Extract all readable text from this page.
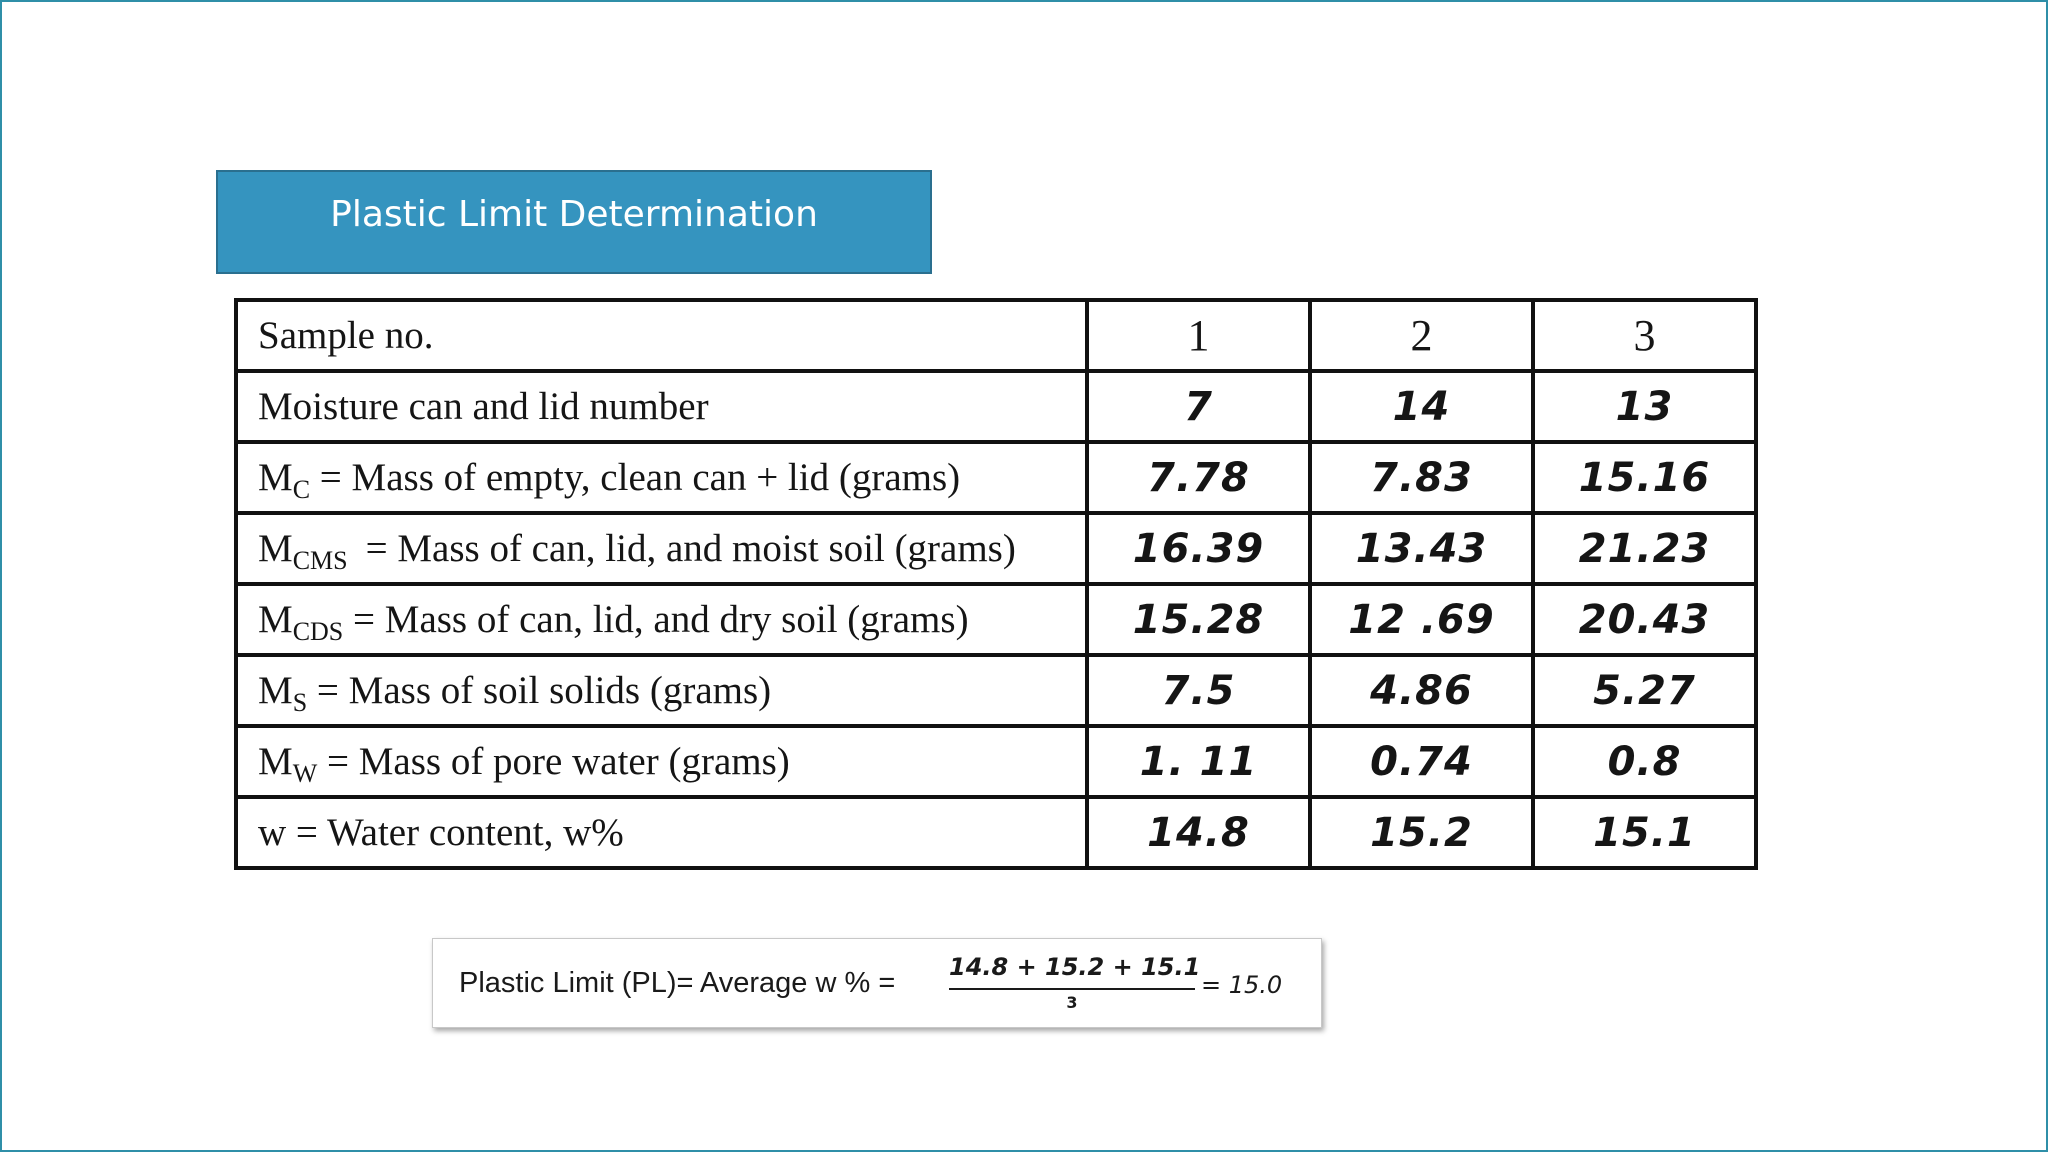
Plastic Limit Determination
Sample no.	1	2	3
Moisture can and lid number	7	14	13
$M_C$ = Mass of empty, clean can + lid (grams)	7.78	7.83	15.16
$M_{CMS}$ = Mass of can, lid, and moist soil (grams)	16.39	13.43	21.23
$M_{CDS}$ = Mass of can, lid, and dry soil (grams)	15.28	12 .69	20.43
$M_S$ = Mass of soil solids (grams)	7.5	4.86	5.27
$M_W$ = Mass of pore water (grams)	1. 11	0.74	0.8
w = Water content, w%	14.8	15.2	15.1
Plastic Limit (PL)= Average w % = 14.8 + 15.2 + 15.1
3
= 15.0
